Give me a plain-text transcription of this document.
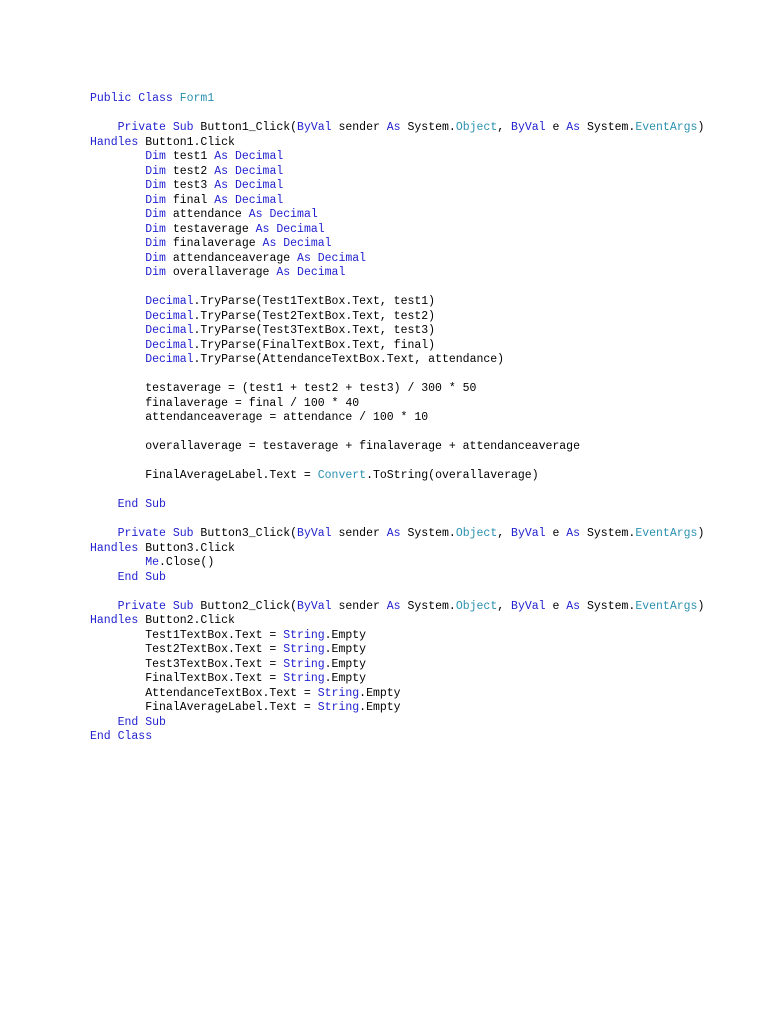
Public Class Form1
Private Sub Button1_Click(ByVal sender As System.Object, ByVal e As System.EventArgs)
Handles Button1.Click
Dim test1 As Decimal
Dim test2 As Decimal
Dim test3 As Decimal
Dim final As Decimal
Dim attendance As Decimal
Dim testaverage As Decimal
Dim finalaverage As Decimal
Dim attendanceaverage As Decimal
Dim overallaverage As Decimal
Decimal.TryParse(Test1TextBox.Text, test1)
Decimal.TryParse(Test2TextBox.Text, test2)
Decimal.TryParse(Test3TextBox.Text, test3)
Decimal.TryParse(FinalTextBox.Text, final)
Decimal.TryParse(AttendanceTextBox.Text, attendance)
testaverage = (test1 + test2 + test3) / 300 * 50
finalaverage = final / 100 * 40
attendanceaverage = attendance / 100 * 10
overallaverage = testaverage + finalaverage + attendanceaverage
FinalAverageLabel.Text = Convert.ToString(overallaverage)
End Sub
Private Sub Button3_Click(ByVal sender As System.Object, ByVal e As System.EventArgs)
Handles Button3.Click
Me.Close()
End Sub
Private Sub Button2_Click(ByVal sender As System.Object, ByVal e As System.EventArgs)
Handles Button2.Click
Test1TextBox.Text = String.Empty
Test2TextBox.Text = String.Empty
Test3TextBox.Text = String.Empty
FinalTextBox.Text = String.Empty
AttendanceTextBox.Text = String.Empty
FinalAverageLabel.Text = String.Empty
End Sub
End Class
